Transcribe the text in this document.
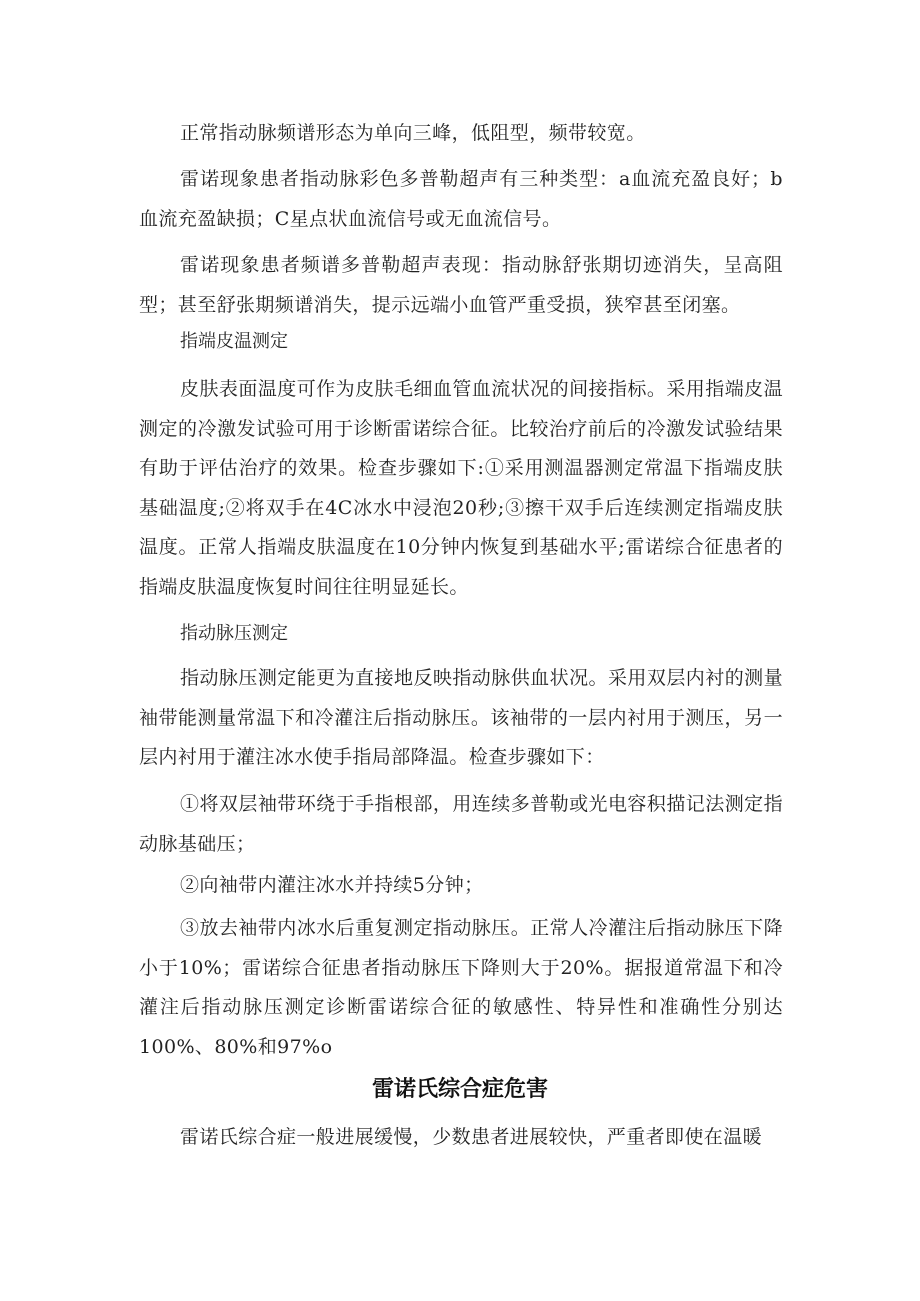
正常指动脉频谱形态为单向三峰，低阻型，频带较宽。

雷诺现象患者指动脉彩色多普勒超声有三种类型：a血流充盈良好；b血流充盈缺损；C星点状血流信号或无血流信号。

雷诺现象患者频谱多普勒超声表现：指动脉舒张期切迹消失，呈高阻型；甚至舒张期频谱消失，提示远端小血管严重受损，狭窄甚至闭塞。

指端皮温测定

皮肤表面温度可作为皮肤毛细血管血流状况的间接指标。采用指端皮温测定的冷激发试验可用于诊断雷诺综合征。比较治疗前后的冷激发试验结果有助于评估治疗的效果。检查步骤如下:①采用测温器测定常温下指端皮肤基础温度;②将双手在4C冰水中浸泡20秒;③擦干双手后连续测定指端皮肤温度。正常人指端皮肤温度在10分钟内恢复到基础水平;雷诺综合征患者的指端皮肤温度恢复时间往往明显延长。

指动脉压测定

指动脉压测定能更为直接地反映指动脉供血状况。采用双层内衬的测量袖带能测量常温下和冷灌注后指动脉压。该袖带的一层内衬用于测压，另一层内衬用于灌注冰水使手指局部降温。检查步骤如下：

①将双层袖带环绕于手指根部，用连续多普勒或光电容积描记法测定指动脉基础压；

②向袖带内灌注冰水并持续5分钟；

③放去袖带内冰水后重复测定指动脉压。正常人冷灌注后指动脉压下降小于10%；雷诺综合征患者指动脉压下降则大于20%。据报道常温下和冷灌注后指动脉压测定诊断雷诺综合征的敏感性、特异性和准确性分别达100%、80%和97%o

雷诺氏综合症危害

雷诺氏综合症一般进展缓慢，少数患者进展较快，严重者即使在温暖
